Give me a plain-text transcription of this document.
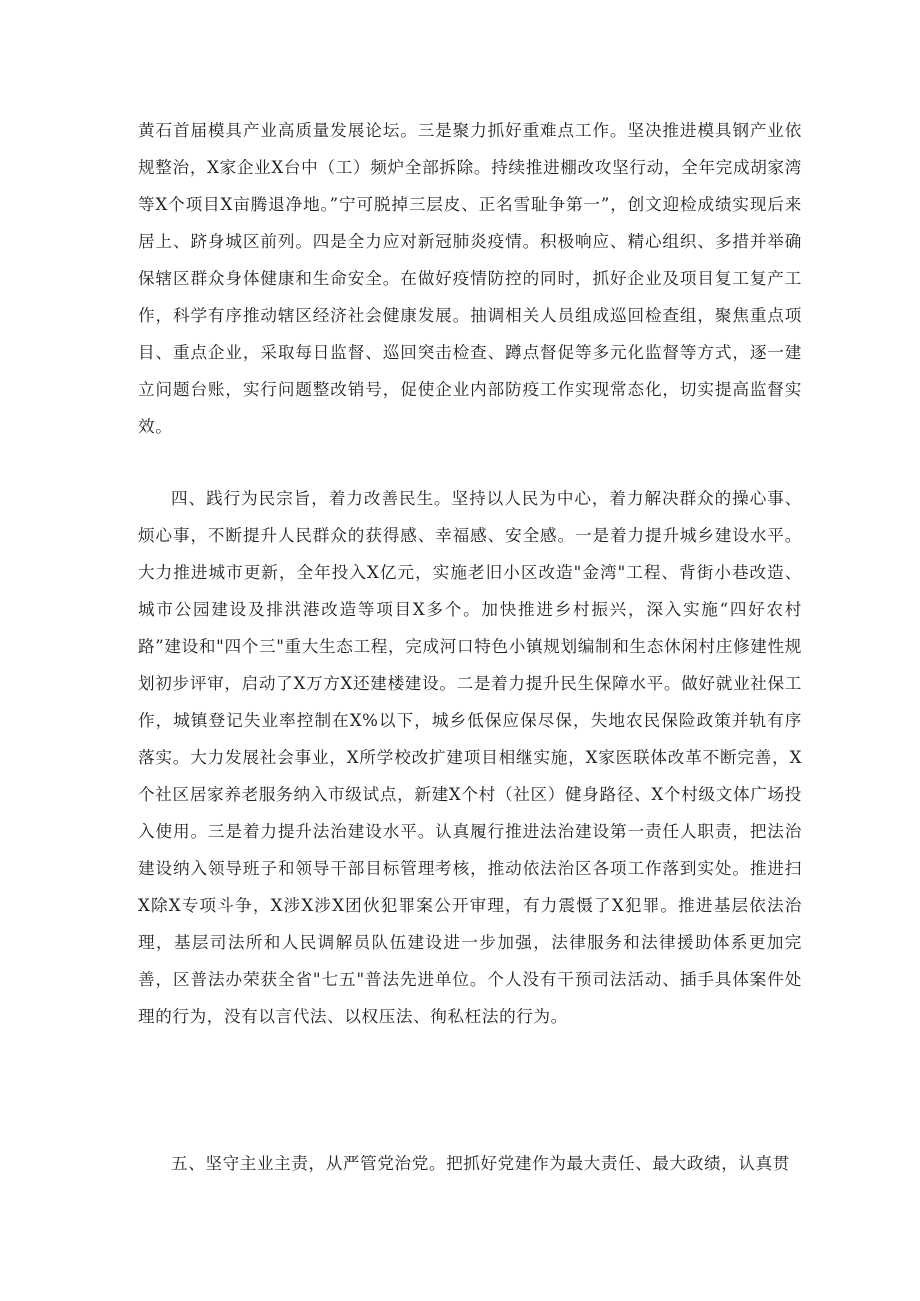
黄石首届模具产业高质量发展论坛。三是聚力抓好重难点工作。坚决推进模具钢产业依规整治，X家企业X台中（工）频炉全部拆除。持续推进棚改攻坚行动，全年完成胡家湾等X个项目X亩腾退净地。”宁可脱掉三层皮、正名雪耻争第一”，创文迎检成绩实现后来居上、跻身城区前列。四是全力应对新冠肺炎疫情。积极响应、精心组织、多措并举确保辖区群众身体健康和生命安全。在做好疫情防控的同时，抓好企业及项目复工复产工作，科学有序推动辖区经济社会健康发展。抽调相关人员组成巡回检查组，聚焦重点项目、重点企业，采取每日监督、巡回突击检查、蹲点督促等多元化监督等方式，逐一建立问题台账，实行问题整改销号，促使企业内部防疫工作实现常态化，切实提高监督实效。

四、践行为民宗旨，着力改善民生。坚持以人民为中心，着力解决群众的操心事、烦心事，不断提升人民群众的获得感、幸福感、安全感。一是着力提升城乡建设水平。大力推进城市更新，全年投入X亿元，实施老旧小区改造"金湾"工程、背街小巷改造、城市公园建设及排洪港改造等项目X多个。加快推进乡村振兴，深入实施“四好农村路”建设和"四个三"重大生态工程，完成河口特色小镇规划编制和生态休闲村庄修建性规划初步评审，启动了X万方X还建楼建设。二是着力提升民生保障水平。做好就业社保工作，城镇登记失业率控制在X%以下，城乡低保应保尽保，失地农民保险政策并轨有序落实。大力发展社会事业，X所学校改扩建项目相继实施，X家医联体改革不断完善，X个社区居家养老服务纳入市级试点，新建X个村（社区）健身路径、X个村级文体广场投入使用。三是着力提升法治建设水平。认真履行推进法治建设第一责任人职责，把法治建设纳入领导班子和领导干部目标管理考核，推动依法治区各项工作落到实处。推进扫X除X专项斗争，X涉X涉X团伙犯罪案公开审理，有力震慑了X犯罪。推进基层依法治理，基层司法所和人民调解员队伍建设进一步加强，法律服务和法律援助体系更加完善，区普法办荣获全省"七五"普法先进单位。个人没有干预司法活动、插手具体案件处理的行为，没有以言代法、以权压法、徇私枉法的行为。

五、坚守主业主责，从严管党治党。把抓好党建作为最大责任、最大政绩，认真贯
